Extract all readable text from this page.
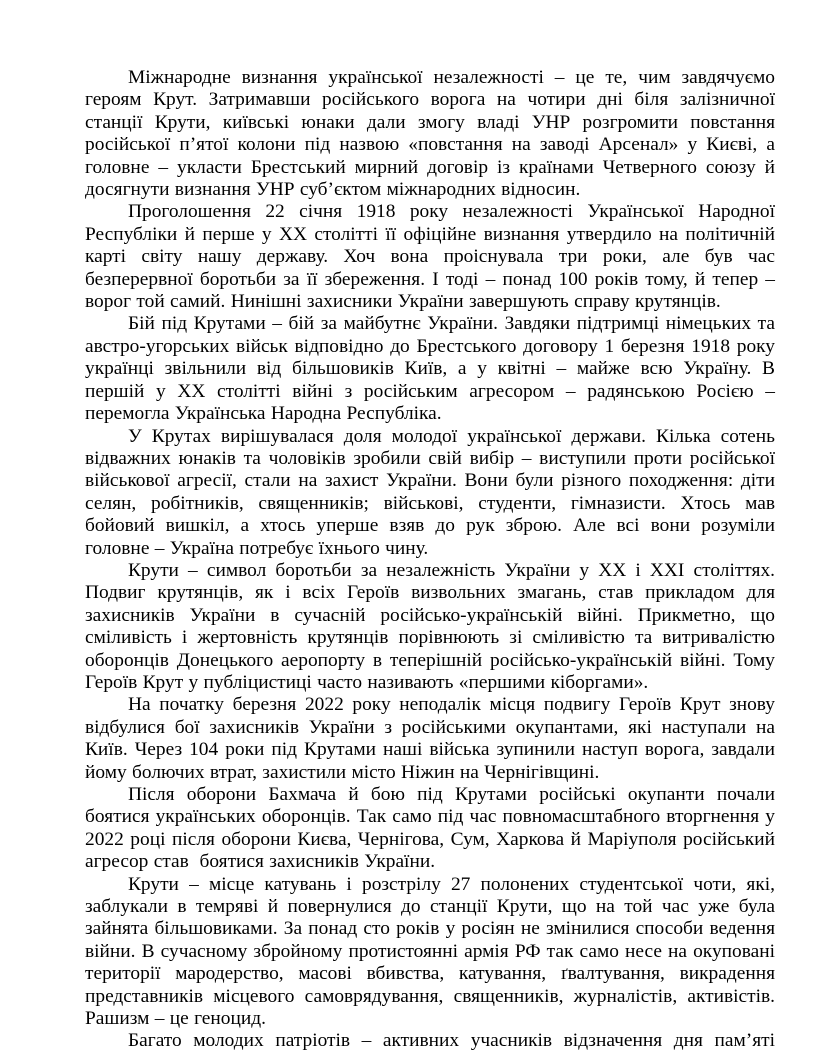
Міжнародне визнання української незалежності – це те, чим завдячуємо героям Крут. Затримавши російського ворога на чотири дні біля залізничної станції Крути, київські юнаки дали змогу владі УНР розгромити повстання російської п’ятої колони під назвою «повстання на заводі Арсенал» у Києві, а головне – укласти Брестський мирний договір із країнами Четверного союзу й досягнути визнання УНР суб’єктом міжнародних відносин.

Проголошення 22 січня 1918 року незалежності Української Народної Республіки й перше у ХХ столітті її офіційне визнання утвердило на політичній карті світу нашу державу. Хоч вона проіснувала три роки, але був час безперервної боротьби за її збереження. І тоді – понад 100 років тому, й тепер – ворог той самий. Нинішні захисники України завершують справу крутянців.

Бій під Крутами – бій за майбутнє України. Завдяки підтримці німецьких та австро-угорських військ відповідно до Брестського договору 1 березня 1918 року українці звільнили від більшовиків Київ, а у квітні – майже всю Україну. В першій у ХХ столітті війні з російським агресором – радянською Росією – перемогла Українська Народна Республіка.

У Крутах вирішувалася доля молодої української держави. Кілька сотень відважних юнаків та чоловіків зробили свій вибір – виступили проти російської військової агресії, стали на захист України. Вони були різного походження: діти селян, робітників, священників; військові, студенти, гімназисти. Хтось мав бойовий вишкіл, а хтось уперше взяв до рук зброю. Але всі вони розуміли головне – Україна потребує їхнього чину.

Крути – символ боротьби за незалежність України у ХХ і ХХІ століттях. Подвиг крутянців, як і всіх Героїв визвольних змагань, став прикладом для захисників України в сучасній російсько-українській війні. Прикметно, що сміливість і жертовність крутянців порівнюють зі сміливістю та витривалістю оборонців Донецького аеропорту в теперішній російсько-українській війні. Тому Героїв Крут у публіцистиці часто називають «першими кіборгами».

На початку березня 2022 року неподалік місця подвигу Героїв Крут знову відбулися бої захисників України з російськими окупантами, які наступали на Київ. Через 104 роки під Крутами наші війська зупинили наступ ворога, завдали йому болючих втрат, захистили місто Ніжин на Чернігівщині.

Після оборони Бахмача й бою під Крутами російські окупанти почали боятися українських оборонців. Так само під час повномасштабного вторгнення у 2022 році після оборони Києва, Чернігова, Сум, Харкова й Маріуполя російський агресор став  боятися захисників України.

Крути – місце катувань і розстрілу 27 полонених студентської чоти, які, заблукали в темряві й повернулися до станції Крути, що на той час уже була зайнята більшовиками. За понад сто років у росіян не змінилися способи ведення війни. В сучасному збройному протистоянні армія РФ так само несе на окуповані території мародерство, масові вбивства, катування, ґвалтування, викрадення представників місцевого самоврядування, священників, журналістів, активістів. Рашизм – це геноцид.

Багато молодих патріотів – активних учасників відзначення дня пам’яті
